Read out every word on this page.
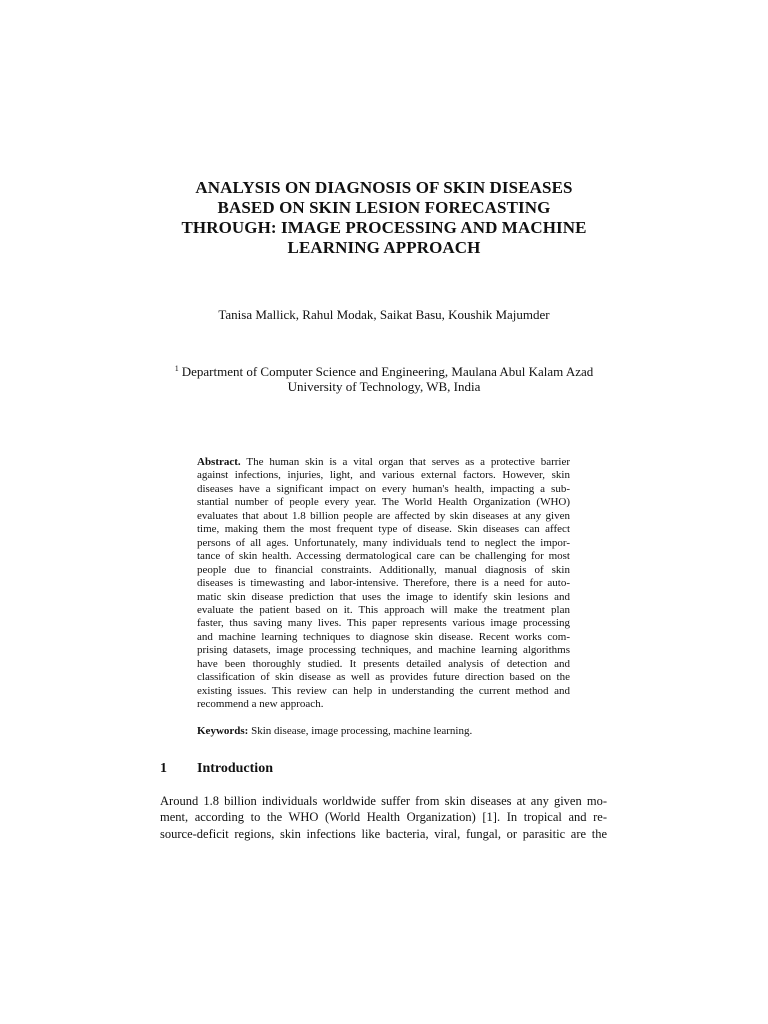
ANALYSIS ON DIAGNOSIS OF SKIN DISEASES
BASED ON SKIN LESION FORECASTING
THROUGH: IMAGE PROCESSING AND MACHINE
LEARNING APPROACH
Tanisa Mallick, Rahul Modak, Saikat Basu, Koushik Majumder
$^1$ Department of Computer Science and Engineering, Maulana Abul Kalam Azad
University of Technology, WB, India
Abstract. The human skin is a vital organ that serves as a protective barrier
against infections, injuries, light, and various external factors. However, skin
diseases have a significant impact on every human's health, impacting a sub-
stantial number of people every year. The World Health Organization (WHO)
evaluates that about 1.8 billion people are affected by skin diseases at any given
time, making them the most frequent type of disease. Skin diseases can affect
persons of all ages. Unfortunately, many individuals tend to neglect the impor-
tance of skin health. Accessing dermatological care can be challenging for most
people due to financial constraints. Additionally, manual diagnosis of skin
diseases is timewasting and labor-intensive. Therefore, there is a need for auto-
matic skin disease prediction that uses the image to identify skin lesions and
evaluate the patient based on it. This approach will make the treatment plan
faster, thus saving many lives. This paper represents various image processing
and machine learning techniques to diagnose skin disease. Recent works com-
prising datasets, image processing techniques, and machine learning algorithms
have been thoroughly studied. It presents detailed analysis of detection and
classification of skin disease as well as provides future direction based on the
existing issues. This review can help in understanding the current method and
recommend a new approach.

Keywords: Skin disease, image processing, machine learning.

1 Introduction
Around 1.8 billion individuals worldwide suffer from skin diseases at any given mo-
ment, according to the WHO (World Health Organization) [1]. In tropical and re-
source-deficit regions, skin infections like bacteria, viral, fungal, or parasitic are the
